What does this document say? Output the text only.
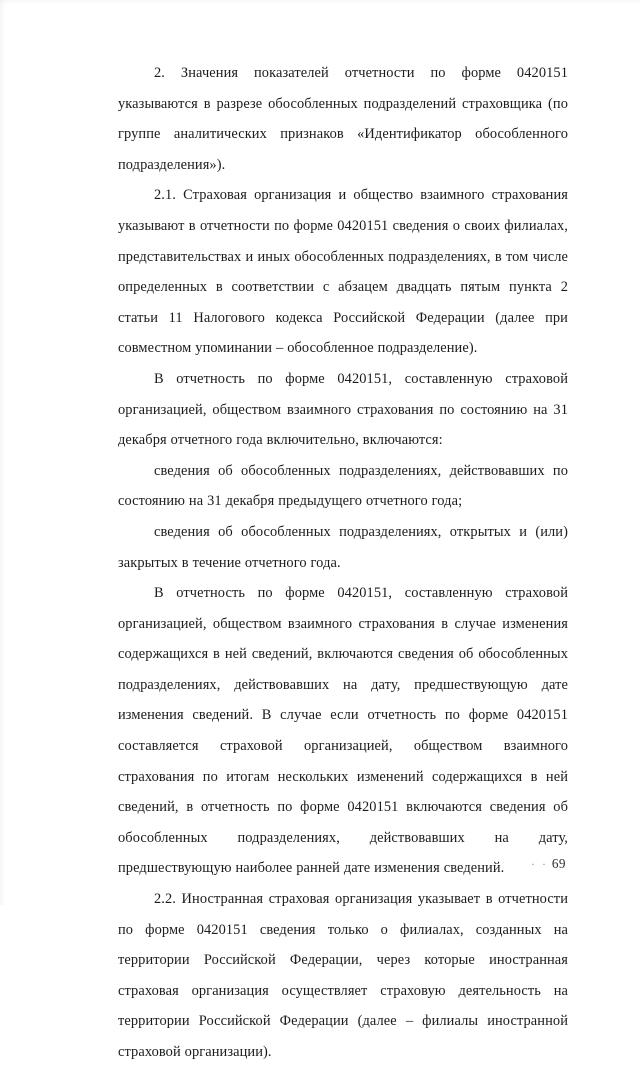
2. Значения показателей отчетности по форме 0420151 указываются в разрезе обособленных подразделений страховщика (по группе аналитических признаков «Идентификатор обособленного подразделения»).

2.1. Страховая организация и общество взаимного страхования указывают в отчетности по форме 0420151 сведения о своих филиалах, представительствах и иных обособленных подразделениях, в том числе определенных в соответствии с абзацем двадцать пятым пункта 2 статьи 11 Налогового кодекса Российской Федерации (далее при совместном упоминании – обособленное подразделение).

В отчетность по форме 0420151, составленную страховой организацией, обществом взаимного страхования по состоянию на 31 декабря отчетного года включительно, включаются:

сведения об обособленных подразделениях, действовавших по состоянию на 31 декабря предыдущего отчетного года;

сведения об обособленных подразделениях, открытых и (или) закрытых в течение отчетного года.

В отчетность по форме 0420151, составленную страховой организацией, обществом взаимного страхования в случае изменения содержащихся в ней сведений, включаются сведения об обособленных подразделениях, действовавших на дату, предшествующую дате изменения сведений. В случае если отчетность по форме 0420151 составляется страховой организацией, обществом взаимного страхования по итогам нескольких изменений содержащихся в ней сведений, в отчетность по форме 0420151 включаются сведения об обособленных подразделениях, действовавших на дату, предшествующую наиболее ранней дате изменения сведений.

2.2. Иностранная страховая организация указывает в отчетности по форме 0420151 сведения только о филиалах, созданных на территории Российской Федерации, через которые иностранная страховая организация осуществляет страховую деятельность на территории Российской Федерации (далее – филиалы иностранной страховой организации).

· · 69
